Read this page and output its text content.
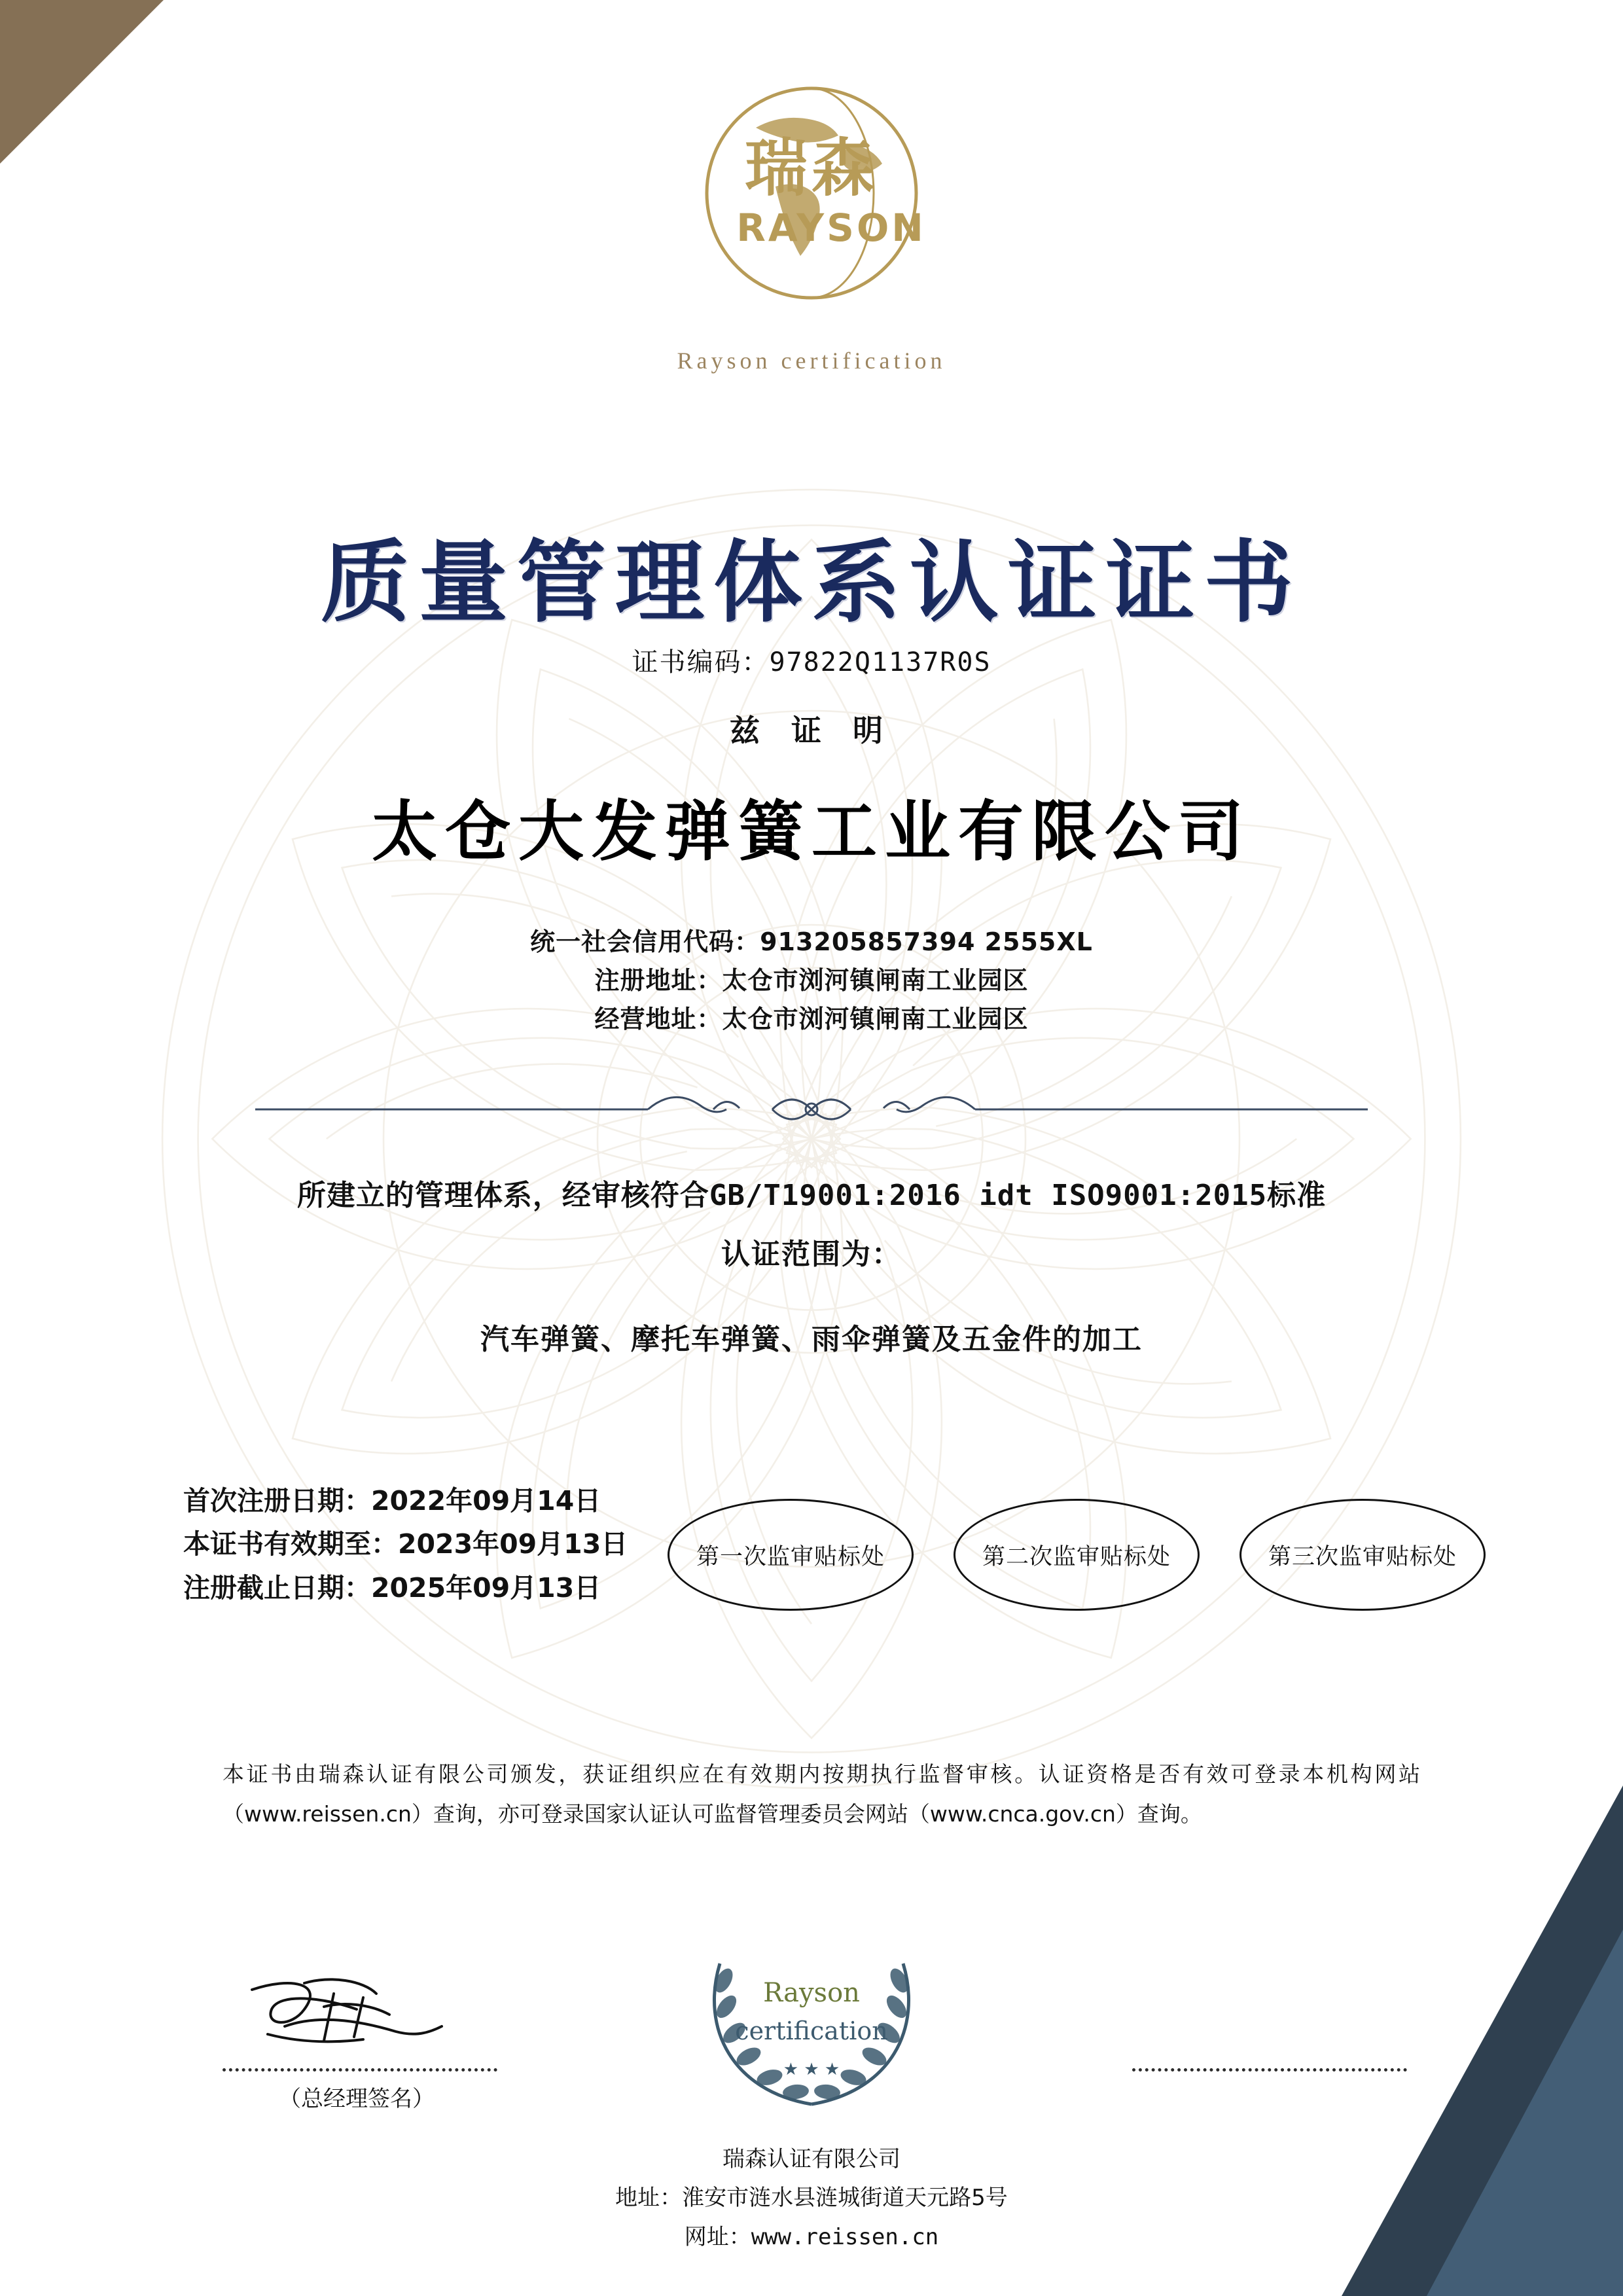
瑞森
RAYSON
Rayson certification
质量管理体系认证证书
证书编码：97822Q1137R0S
兹 证 明
太仓大发弹簧工业有限公司
统一社会信用代码：913205857394 2555XL
注册地址：太仓市浏河镇闸南工业园区
经营地址：太仓市浏河镇闸南工业园区
所建立的管理体系，经审核符合GB/T19001:2016 idt ISO9001:2015标准
认证范围为：
汽车弹簧、摩托车弹簧、雨伞弹簧及五金件的加工
首次注册日期：2022年09月14日
本证书有效期至：2023年09月13日
注册截止日期：2025年09月13日
第一次监审贴标处	第二次监审贴标处	第三次监审贴标处
本证书由瑞森认证有限公司颁发，获证组织应在有效期内按期执行监督审核。认证资格是否有效可登录本机构网站（www.reissen.cn）查询，亦可登录国家认证认可监督管理委员会网站（www.cnca.gov.cn）查询。
Rayson
certification
★ ★ ★
（总经理签名）
瑞森认证有限公司
地址：淮安市涟水县涟城街道天元路5号
网址：www.reissen.cn
